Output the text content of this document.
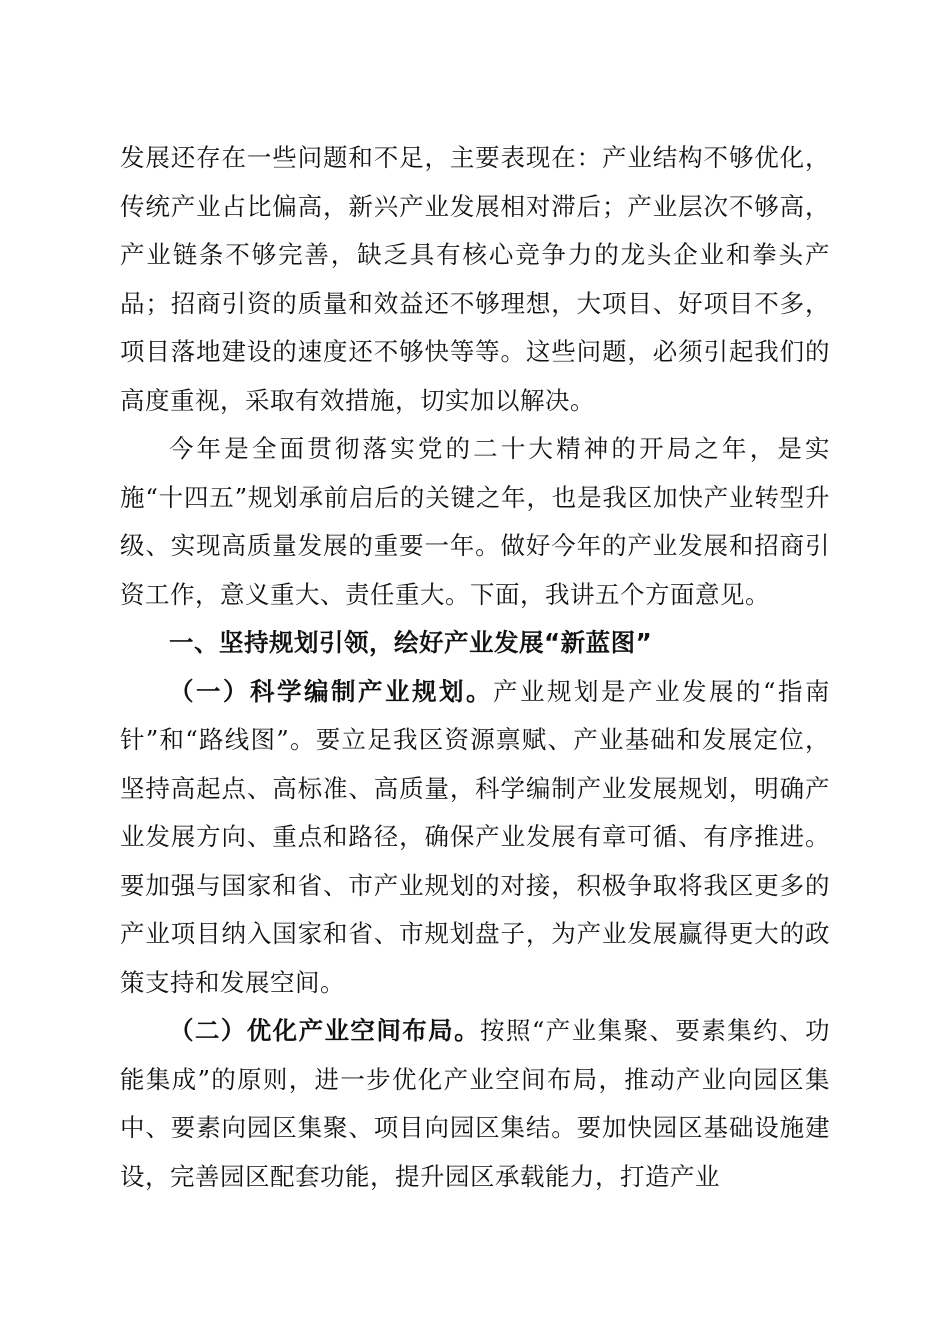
发展还存在一些问题和不足，主要表现在：产业结构不够优化，传统产业占比偏高，新兴产业发展相对滞后；产业层次不够高，产业链条不够完善，缺乏具有核心竞争力的龙头企业和拳头产品；招商引资的质量和效益还不够理想，大项目、好项目不多，项目落地建设的速度还不够快等等。这些问题，必须引起我们的高度重视，采取有效措施，切实加以解决。

今年是全面贯彻落实党的二十大精神的开局之年，是实施“十四五”规划承前启后的关键之年，也是我区加快产业转型升级、实现高质量发展的重要一年。做好今年的产业发展和招商引资工作，意义重大、责任重大。下面，我讲五个方面意见。

一、坚持规划引领，绘好产业发展“新蓝图”

（一）科学编制产业规划。产业规划是产业发展的“指南针”和“路线图”。要立足我区资源禀赋、产业基础和发展定位，坚持高起点、高标准、高质量，科学编制产业发展规划，明确产业发展方向、重点和路径，确保产业发展有章可循、有序推进。要加强与国家和省、市产业规划的对接，积极争取将我区更多的产业项目纳入国家和省、市规划盘子，为产业发展赢得更大的政策支持和发展空间。

（二）优化产业空间布局。按照“产业集聚、要素集约、功能集成”的原则，进一步优化产业空间布局，推动产业向园区集中、要素向园区集聚、项目向园区集结。要加快园区基础设施建设，完善园区配套功能，提升园区承载能力，打造产业
